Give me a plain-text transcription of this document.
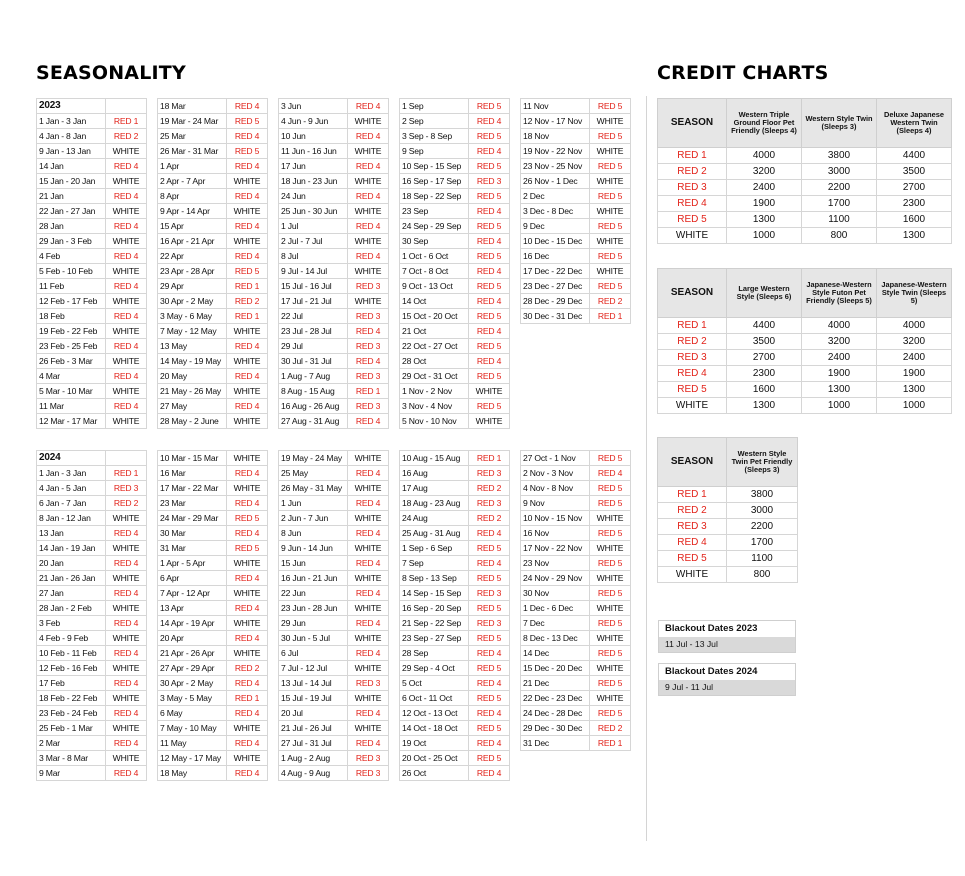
SEASONALITY	CREDIT CHARTS
2023	
1 Jan - 3 Jan	RED 1
4 Jan - 8 Jan	RED 2
9 Jan - 13 Jan	WHITE
14 Jan	RED 4
15 Jan - 20 Jan	WHITE
21 Jan	RED 4
22 Jan - 27 Jan	WHITE
28 Jan	RED 4
29 Jan - 3 Feb	WHITE
4 Feb	RED 4
5 Feb - 10 Feb	WHITE
11 Feb	RED 4
12 Feb - 17 Feb	WHITE
18 Feb	RED 4
19 Feb - 22 Feb	WHITE
23 Feb - 25 Feb	RED 4
26 Feb - 3 Mar	WHITE
4 Mar	RED 4
5 Mar - 10 Mar	WHITE
11 Mar	RED 4
12 Mar - 17 Mar	WHITE
18 Mar	RED 4
19 Mar - 24 Mar	RED 5
25 Mar	RED 4
26 Mar - 31 Mar	RED 5
1 Apr	RED 4
2 Apr - 7 Apr	WHITE
8 Apr	RED 4
9 Apr - 14 Apr	WHITE
15 Apr	RED 4
16 Apr - 21 Apr	WHITE
22 Apr	RED 4
23 Apr - 28 Apr	RED 5
29 Apr	RED 1
30 Apr - 2 May	RED 2
3 May - 6 May	RED 1
7 May - 12 May	WHITE
13 May	RED 4
14 May - 19 May	WHITE
20 May	RED 4
21 May - 26 May	WHITE
27 May	RED 4
28 May - 2 June	WHITE
3 Jun	RED 4
4 Jun - 9 Jun	WHITE
10 Jun	RED 4
11 Jun - 16 Jun	WHITE
17 Jun	RED 4
18 Jun - 23 Jun	WHITE
24 Jun	RED 4
25 Jun - 30 Jun	WHITE
1 Jul	RED 4
2 Jul - 7 Jul	WHITE
8 Jul	RED 4
9 Jul - 14 Jul	WHITE
15 Jul - 16 Jul	RED 3
17 Jul - 21 Jul	WHITE
22 Jul	RED 3
23 Jul - 28 Jul	RED 4
29 Jul	RED 3
30 Jul - 31 Jul	RED 4
1 Aug - 7 Aug	RED 3
8 Aug - 15 Aug	RED 1
16 Aug - 26 Aug	RED 3
27 Aug - 31 Aug	RED 4
1 Sep	RED 5
2 Sep	RED 4
3 Sep - 8 Sep	RED 5
9 Sep	RED 4
10 Sep - 15 Sep	RED 5
16 Sep - 17 Sep	RED 3
18 Sep - 22 Sep	RED 5
23 Sep	RED 4
24 Sep - 29 Sep	RED 5
30 Sep	RED 4
1 Oct - 6 Oct	RED 5
7 Oct - 8 Oct	RED 4
9 Oct - 13 Oct	RED 5
14 Oct	RED 4
15 Oct - 20 Oct	RED 5
21 Oct	RED 4
22 Oct - 27 Oct	RED 5
28 Oct	RED 4
29 Oct - 31 Oct	RED 5
1 Nov - 2 Nov	WHITE
3 Nov - 4 Nov	RED 5
5 Nov - 10 Nov	WHITE
11 Nov	RED 5
12 Nov - 17 Nov	WHITE
18 Nov	RED 5
19 Nov - 22 Nov	WHITE
23 Nov - 25 Nov	RED 5
26 Nov - 1 Dec	WHITE
2 Dec	RED 5
3 Dec - 8 Dec	WHITE
9 Dec	RED 5
10 Dec - 15 Dec	WHITE
16 Dec	RED 5
17 Dec - 22 Dec	WHITE
23 Dec - 27 Dec	RED 5
28 Dec - 29 Dec	RED 2
30 Dec - 31 Dec	RED 1
2024	
1 Jan - 3 Jan	RED 1
4 Jan - 5 Jan	RED 3
6 Jan - 7 Jan	RED 2
8 Jan - 12 Jan	WHITE
13 Jan	RED 4
14 Jan - 19 Jan	WHITE
20 Jan	RED 4
21 Jan - 26 Jan	WHITE
27 Jan	RED 4
28 Jan - 2 Feb	WHITE
3 Feb	RED 4
4 Feb - 9 Feb	WHITE
10 Feb - 11 Feb	RED 4
12 Feb - 16 Feb	WHITE
17 Feb	RED 4
18 Feb - 22 Feb	WHITE
23 Feb - 24 Feb	RED 4
25 Feb - 1 Mar	WHITE
2 Mar	RED 4
3 Mar - 8 Mar	WHITE
9 Mar	RED 4
10 Mar - 15 Mar	WHITE
16 Mar	RED 4
17 Mar - 22 Mar	WHITE
23 Mar	RED 4
24 Mar - 29 Mar	RED 5
30 Mar	RED 4
31 Mar	RED 5
1 Apr - 5 Apr	WHITE
6 Apr	RED 4
7 Apr - 12 Apr	WHITE
13 Apr	RED 4
14 Apr - 19 Apr	WHITE
20 Apr	RED 4
21 Apr - 26 Apr	WHITE
27 Apr - 29 Apr	RED 2
30 Apr - 2 May	RED 4
3 May - 5 May	RED 1
6 May	RED 4
7 May - 10 May	WHITE
11 May	RED 4
12 May - 17 May	WHITE
18 May	RED 4
19 May - 24 May	WHITE
25 May	RED 4
26 May - 31 May	WHITE
1 Jun	RED 4
2 Jun - 7 Jun	WHITE
8 Jun	RED 4
9 Jun - 14 Jun	WHITE
15 Jun	RED 4
16 Jun - 21 Jun	WHITE
22 Jun	RED 4
23 Jun - 28 Jun	WHITE
29 Jun	RED 4
30 Jun - 5 Jul	WHITE
6 Jul	RED 4
7 Jul - 12 Jul	WHITE
13 Jul - 14 Jul	RED 3
15 Jul - 19 Jul	WHITE
20 Jul	RED 4
21 Jul - 26 Jul	WHITE
27 Jul - 31 Jul	RED 4
1 Aug - 2 Aug	RED 3
4 Aug - 9 Aug	RED 3
10 Aug - 15 Aug	RED 1
16 Aug	RED 3
17 Aug	RED 2
18 Aug - 23 Aug	RED 3
24 Aug	RED 2
25 Aug - 31 Aug	RED 4
1 Sep - 6 Sep	RED 5
7 Sep	RED 4
8 Sep - 13 Sep	RED 5
14 Sep - 15 Sep	RED 3
16 Sep - 20 Sep	RED 5
21 Sep - 22 Sep	RED 3
23 Sep - 27 Sep	RED 5
28 Sep	RED 4
29 Sep - 4 Oct	RED 5
5 Oct	RED 4
6 Oct - 11 Oct	RED 5
12 Oct - 13 Oct	RED 4
14 Oct - 18 Oct	RED 5
19 Oct	RED 4
20 Oct - 25 Oct	RED 5
26 Oct	RED 4
27 Oct - 1 Nov	RED 5
2 Nov - 3 Nov	RED 4
4 Nov - 8 Nov	RED 5
9 Nov	RED 5
10 Nov - 15 Nov	WHITE
16 Nov	RED 5
17 Nov - 22 Nov	WHITE
23 Nov	RED 5
24 Nov - 29 Nov	WHITE
30 Nov	RED 5
1 Dec - 6 Dec	WHITE
7 Dec	RED 5
8 Dec - 13 Dec	WHITE
14 Dec	RED 5
15 Dec - 20 Dec	WHITE
21 Dec	RED 5
22 Dec - 23 Dec	WHITE
24 Dec - 28 Dec	RED 5
29 Dec - 30 Dec	RED 2
31 Dec	RED 1
SEASON	Western Triple Ground Floor Pet Friendly (Sleeps 4)	Western Style Twin (Sleeps 3)	Deluxe Japanese Western Twin (Sleeps 4)
RED 1	4000	3800	4400
RED 2	3200	3000	3500
RED 3	2400	2200	2700
RED 4	1900	1700	2300
RED 5	1300	1100	1600
WHITE	1000	800	1300
SEASON	Large Western Style (Sleeps 6)	Japanese-Western Style Futon Pet Friendly (Sleeps 5)	Japanese-Western Style Twin (Sleeps 5)
RED 1	4400	4000	4000
RED 2	3500	3200	3200
RED 3	2700	2400	2400
RED 4	2300	1900	1900
RED 5	1600	1300	1300
WHITE	1300	1000	1000
SEASON	Western Style Twin Pet Friendly (Sleeps 3)
RED 1	3800
RED 2	3000
RED 3	2200
RED 4	1700
RED 5	1100
WHITE	800
Blackout Dates 2023
11 Jul - 13 Jul
Blackout Dates 2024
9 Jul - 11 Jul
